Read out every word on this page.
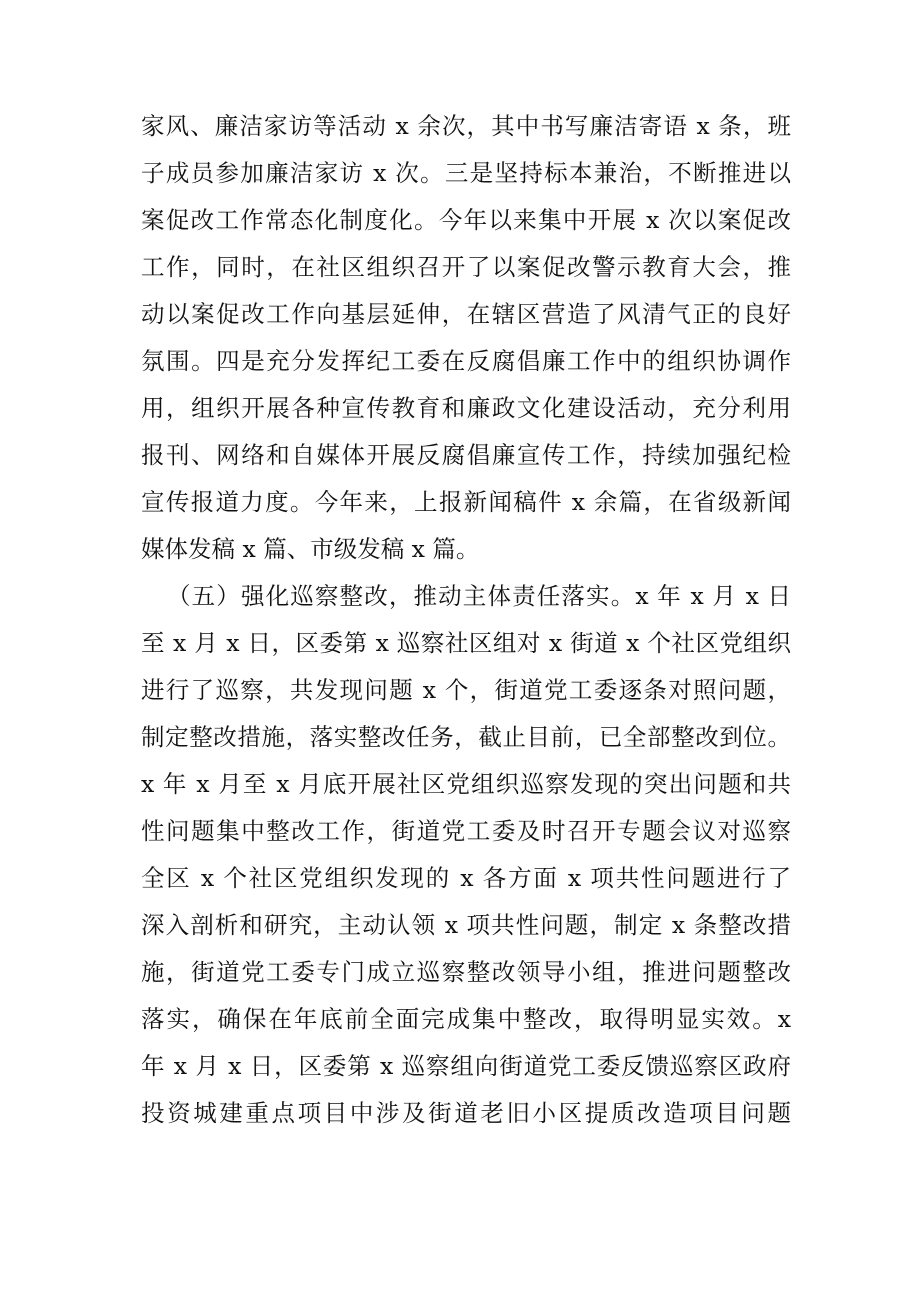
家风、廉洁家访等活动 x 余次，其中书写廉洁寄语 x 条，班
子成员参加廉洁家访 x 次。三是坚持标本兼治，不断推进以
案促改工作常态化制度化。今年以来集中开展 x 次以案促改
工作，同时，在社区组织召开了以案促改警示教育大会，推
动以案促改工作向基层延伸，在辖区营造了风清气正的良好
氛围。四是充分发挥纪工委在反腐倡廉工作中的组织协调作
用，组织开展各种宣传教育和廉政文化建设活动，充分利用
报刊、网络和自媒体开展反腐倡廉宣传工作，持续加强纪检
宣传报道力度。今年来，上报新闻稿件 x 余篇，在省级新闻
媒体发稿 x 篇、市级发稿 x 篇。
（五）强化巡察整改，推动主体责任落实。x 年 x 月 x 日
至 x 月 x 日，区委第 x 巡察社区组对 x 街道 x 个社区党组织
进行了巡察，共发现问题 x 个，街道党工委逐条对照问题，
制定整改措施，落实整改任务，截止目前，已全部整改到位。
x 年 x 月至 x 月底开展社区党组织巡察发现的突出问题和共
性问题集中整改工作，街道党工委及时召开专题会议对巡察
全区 x 个社区党组织发现的 x 各方面 x 项共性问题进行了
深入剖析和研究，主动认领 x 项共性问题，制定 x 条整改措
施，街道党工委专门成立巡察整改领导小组，推进问题整改
落实，确保在年底前全面完成集中整改，取得明显实效。x
年 x 月 x 日，区委第 x 巡察组向街道党工委反馈巡察区政府
投资城建重点项目中涉及街道老旧小区提质改造项目问题
